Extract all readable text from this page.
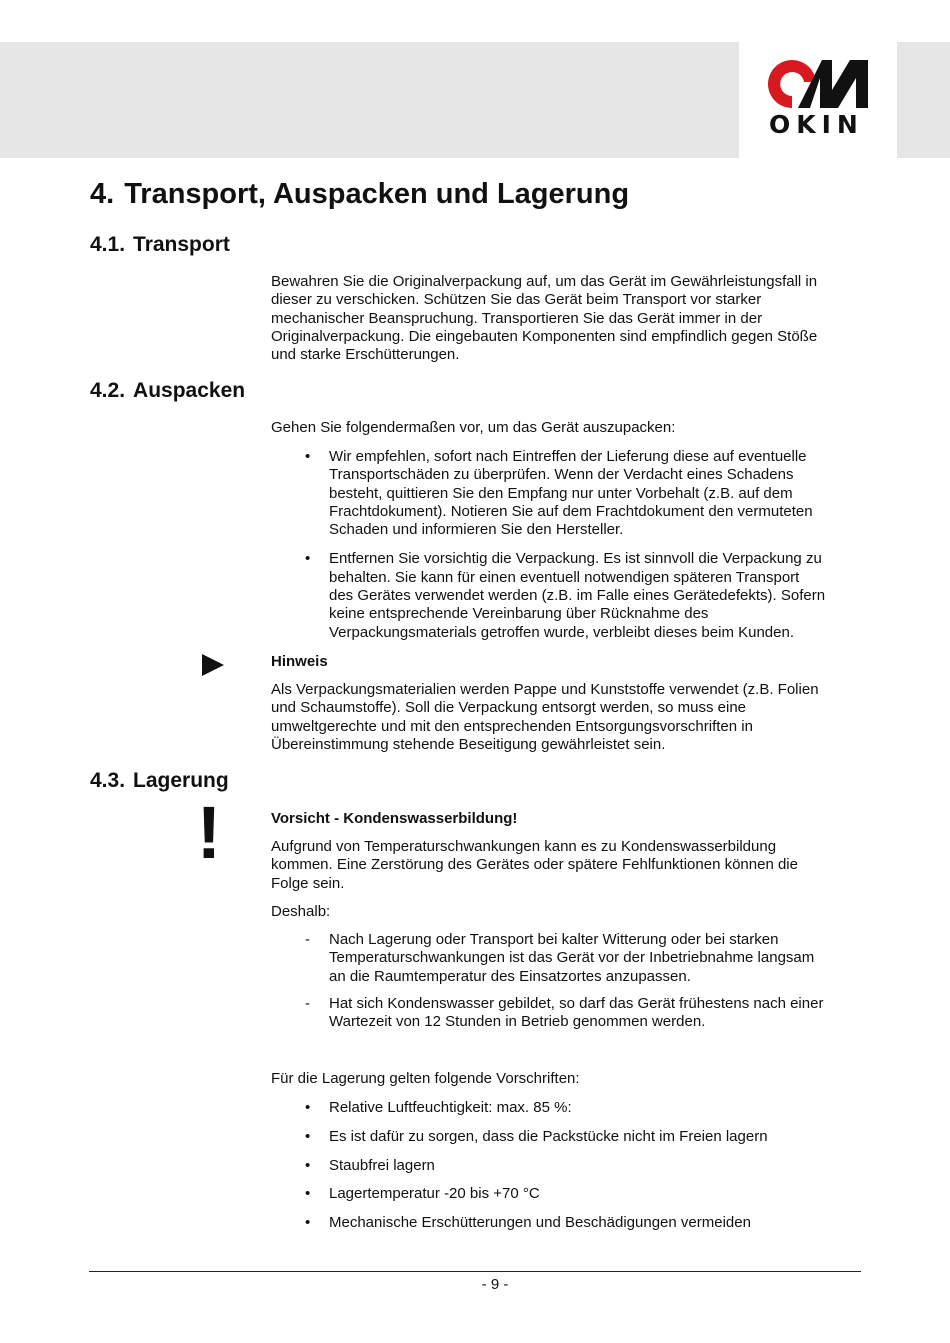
OKIN
4. Transport, Auspacken und Lagerung
4.1. Transport
Bewahren Sie die Originalverpackung auf, um das Gerät im Gewährleistungsfall in
dieser zu verschicken. Schützen Sie das Gerät beim Transport vor starker
mechanischer Beanspruchung. Transportieren Sie das Gerät immer in der
Originalverpackung. Die eingebauten Komponenten sind empfindlich gegen Stöße
und starke Erschütterungen.
4.2. Auspacken
Gehen Sie folgendermaßen vor, um das Gerät auszupacken:
• Wir empfehlen, sofort nach Eintreffen der Lieferung diese auf eventuelle
Transportschäden zu überprüfen. Wenn der Verdacht eines Schadens
besteht, quittieren Sie den Empfang nur unter Vorbehalt (z.B. auf dem
Frachtdokument). Notieren Sie auf dem Frachtdokument den vermuteten
Schaden und informieren Sie den Hersteller.
• Entfernen Sie vorsichtig die Verpackung. Es ist sinnvoll die Verpackung zu
behalten. Sie kann für einen eventuell notwendigen späteren Transport
des Gerätes verwendet werden (z.B. im Falle eines Gerätedefekts). Sofern
keine entsprechende Vereinbarung über Rücknahme des
Verpackungsmaterials getroffen wurde, verbleibt dieses beim Kunden.
Hinweis
Als Verpackungsmaterialien werden Pappe und Kunststoffe verwendet (z.B. Folien
und Schaumstoffe). Soll die Verpackung entsorgt werden, so muss eine
umweltgerechte und mit den entsprechenden Entsorgungsvorschriften in
Übereinstimmung stehende Beseitigung gewährleistet sein.
4.3. Lagerung
!	Vorsicht - Kondenswasserbildung!
Aufgrund von Temperaturschwankungen kann es zu Kondenswasserbildung
kommen. Eine Zerstörung des Gerätes oder spätere Fehlfunktionen können die
Folge sein.
Deshalb:
- Nach Lagerung oder Transport bei kalter Witterung oder bei starken
Temperaturschwankungen ist das Gerät vor der Inbetriebnahme langsam
an die Raumtemperatur des Einsatzortes anzupassen.
- Hat sich Kondenswasser gebildet, so darf das Gerät frühestens nach einer
Wartezeit von 12 Stunden in Betrieb genommen werden.
Für die Lagerung gelten folgende Vorschriften:
• Relative Luftfeuchtigkeit: max. 85 %:
• Es ist dafür zu sorgen, dass die Packstücke nicht im Freien lagern
• Staubfrei lagern
• Lagertemperatur -20 bis +70 °C
• Mechanische Erschütterungen und Beschädigungen vermeiden
- 9 -
